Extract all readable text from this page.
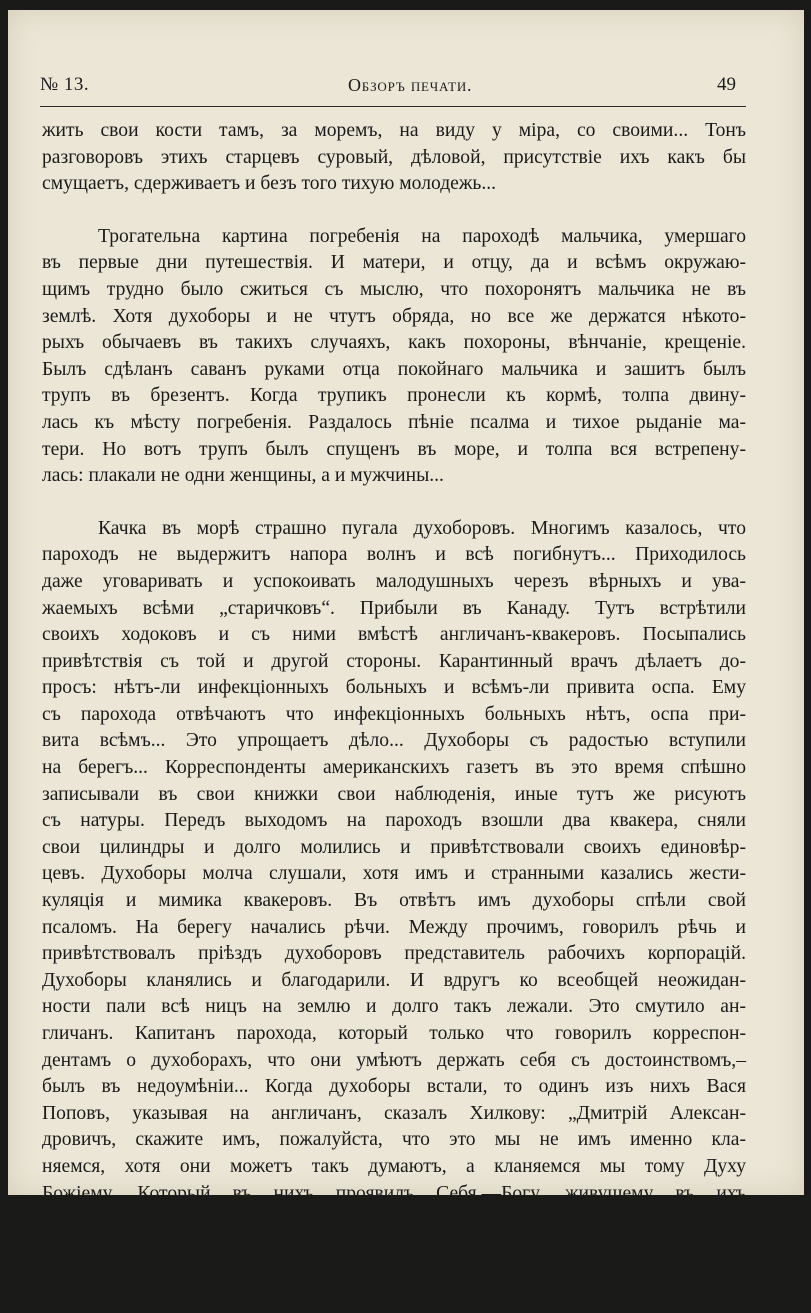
№ 13.	Обзоръ печати.	49
жить свои кости тамъ, за моремъ, на виду у міра, со своими... Тонъ
разговоровъ этихъ старцевъ суровый, дѣловой, присутствіе ихъ какъ бы
смущаетъ, сдерживаетъ и безъ того тихую молодежь...
Трогательна картина погребенія на пароходѣ мальчика, умершаго
въ первые дни путешествія. И матери, и отцу, да и всѣмъ окружаю-
щимъ трудно было сжиться съ мыслю, что похоронятъ мальчика не въ
землѣ. Хотя духоборы и не чтутъ обряда, но все же держатся нѣкото-
рыхъ обычаевъ въ такихъ случаяхъ, какъ похороны, вѣнчаніе, крещеніе.
Былъ сдѣланъ саванъ руками отца покойнаго мальчика и зашитъ былъ
трупъ въ брезентъ. Когда трупикъ пронесли къ кормѣ, толпа двину-
лась къ мѣсту погребенія. Раздалось пѣніе псалма и тихое рыданіе ма-
тери. Но вотъ трупъ былъ спущенъ въ море, и толпа вся встрепену-
лась: плакали не одни женщины, а и мужчины...
Качка въ морѣ страшно пугала духоборовъ. Многимъ казалось, что
пароходъ не выдержитъ напора волнъ и всѣ погибнутъ... Приходилось
даже уговаривать и успокоивать малодушныхъ черезъ вѣрныхъ и ува-
жаемыхъ всѣми „старичковъ“. Прибыли въ Канаду. Тутъ встрѣтили
своихъ ходоковъ и съ ними вмѣстѣ англичанъ-квакеровъ. Посыпались
привѣтствія съ той и другой стороны. Карантинный врачъ дѣлаетъ до-
просъ: нѣтъ-ли инфекціонныхъ больныхъ и всѣмъ-ли привита оспа. Ему
съ парохода отвѣчаютъ что инфекціонныхъ больныхъ нѣтъ, оспа при-
вита всѣмъ... Это упрощаетъ дѣло... Духоборы съ радостью вступили
на берегъ... Корреспонденты американскихъ газетъ въ это время спѣшно
записывали въ свои книжки свои наблюденія, иные тутъ же рисуютъ
съ натуры. Передъ выходомъ на пароходъ взошли два квакера, сняли
свои цилиндры и долго молились и привѣтствовали своихъ единовѣр-
цевъ. Духоборы молча слушали, хотя имъ и странными казались жести-
куляція и мимика квакеровъ. Въ отвѣтъ имъ духоборы спѣли свой
псаломъ. На берегу начались рѣчи. Между прочимъ, говорилъ рѣчь и
привѣтствовалъ пріѣздъ духоборовъ представитель рабочихъ корпорацій.
Духоборы кланялись и благодарили. И вдругъ ко всеобщей неожидан-
ности пали всѣ ницъ на землю и долго такъ лежали. Это смутило ан-
гличанъ. Капитанъ парохода, который только что говорилъ корреспон-
дентамъ о духоборахъ, что они умѣютъ держать себя съ достоинствомъ,–
былъ въ недоумѣніи... Когда духоборы встали, то одинъ изъ нихъ Вася
Поповъ, указывая на англичанъ, сказалъ Хилкову: „Дмитрій Алексан-
дровичъ, скажите имъ, пожалуйста, что это мы не имъ именно кла-
няемся, хотя они можетъ такъ думаютъ, а кланяемся мы тому Духу
Божіему, Который въ нихъ проявилъ Себя,—Богу, живущему въ ихъ
сердцахъ и повелѣвшему имъ принять насъ къ себѣ за братьевъ въ свой
домъ, кланяемся мы“... Хилковъ перевелъ эти слова англичанамъ. И всѣ
встрепенулись, всѣ одобрительно кивали головами...
